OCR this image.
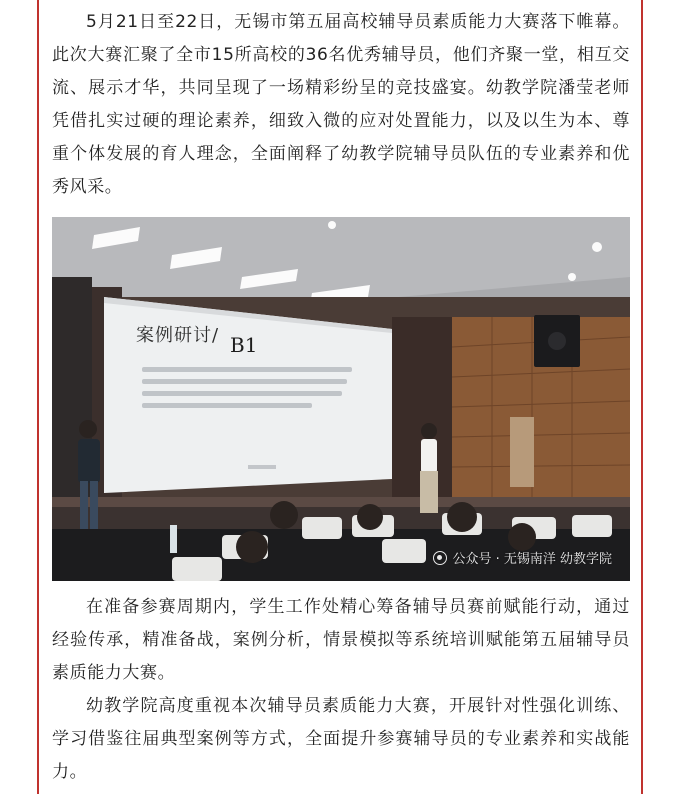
5月21日至22日，无锡市第五届高校辅导员素质能力大赛落下帷幕。此次大赛汇聚了全市15所高校的36名优秀辅导员，他们齐聚一堂，相互交流、展示才华，共同呈现了一场精彩纷呈的竞技盛宴。幼教学院潘莹老师凭借扎实过硬的理论素养，细致入微的应对处置能力，以及以生为本、尊重个体发展的育人理念，全面阐释了幼教学院辅导员队伍的专业素养和优秀风采。

案例研讨/ B1
公众号 · 无锡南洋 幼教学院

在准备参赛周期内，学生工作处精心筹备辅导员赛前赋能行动，通过经验传承，精准备战，案例分析，情景模拟等系统培训赋能第五届辅导员素质能力大赛。

幼教学院高度重视本次辅导员素质能力大赛，开展针对性强化训练、学习借鉴往届典型案例等方式，全面提升参赛辅导员的专业素养和实战能力。
